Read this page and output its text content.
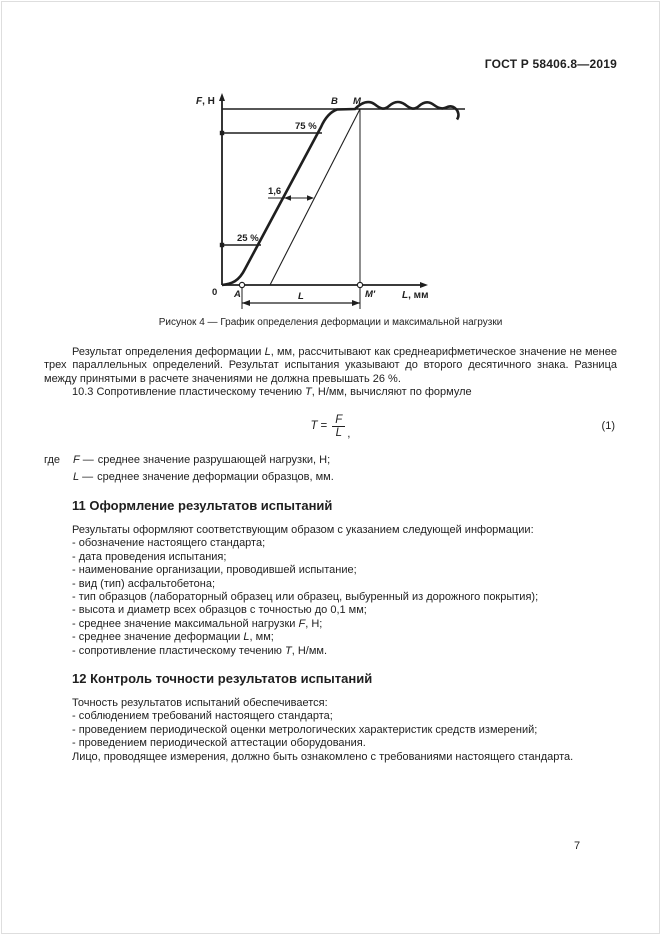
ГОСТ Р 58406.8—2019
F, Н
L, мм
0 A
B M
M'
25 %
75 %
1,6
L
Рисунок 4 — График определения деформации и максимальной нагрузки
Результат определения деформации L, мм, рассчитывают как среднеарифметическое значение не менее трех параллельных определений. Результат испытания указывают до второго десятичного знака. Разница между принятыми в расчете значениями не должна превышать 26 %.
10.3 Сопротивление пластическому течению T, Н/мм, вычисляют по формуле
$T = \frac{F}{L}$ ,
(1)
где	F — среднее значение разрушающей нагрузки, Н;
L — среднее значение деформации образцов, мм.
11 Оформление результатов испытаний
Результаты оформляют соответствующим образом с указанием следующей информации:
- обозначение настоящего стандарта;
- дата проведения испытания;
- наименование организации, проводившей испытание;
- вид (тип) асфальтобетона;
- тип образцов (лабораторный образец или образец, выбуренный из дорожного покрытия);
- высота и диаметр всех образцов с точностью до 0,1 мм;
- среднее значение максимальной нагрузки F, Н;
- среднее значение деформации L, мм;
- сопротивление пластическому течению T, Н/мм.
12 Контроль точности результатов испытаний
Точность результатов испытаний обеспечивается:
- соблюдением требований настоящего стандарта;
- проведением периодической оценки метрологических характеристик средств измерений;
- проведением периодической аттестации оборудования.
Лицо, проводящее измерения, должно быть ознакомлено с требованиями настоящего стандарта.
7
